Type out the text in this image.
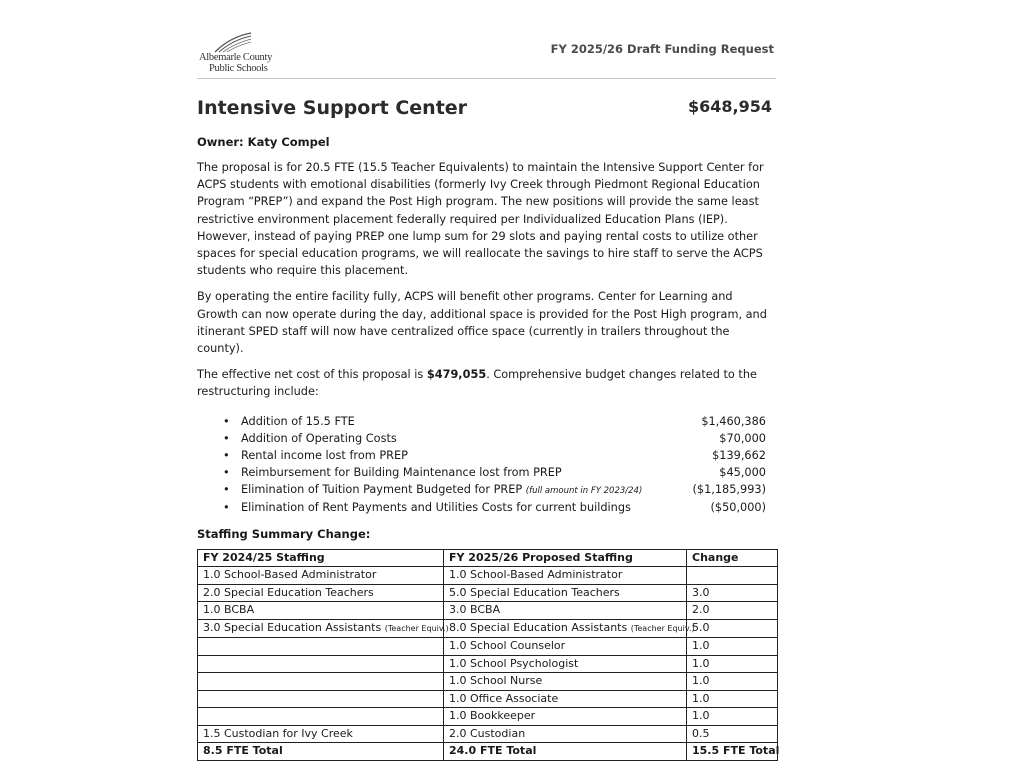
Albemarle County
Public Schools
FY 2025/26 Draft Funding Request
Intensive Support Center	$648,954
Owner: Katy Compel

The proposal is for 20.5 FTE (15.5 Teacher Equivalents) to maintain the Intensive Support Center for ACPS students with emotional disabilities (formerly Ivy Creek through Piedmont Regional Education Program “PREP”) and expand the Post High program. The new positions will provide the same least restrictive environment placement federally required per Individualized Education Plans (IEP). However, instead of paying PREP one lump sum for 29 slots and paying rental costs to utilize other spaces for special education programs, we will reallocate the savings to hire staff to serve the ACPS students who require this placement.

By operating the entire facility fully, ACPS will benefit other programs. Center for Learning and Growth can now operate during the day, additional space is provided for the Post High program, and itinerant SPED staff will now have centralized office space (currently in trailers throughout the county).

The effective net cost of this proposal is $479,055. Comprehensive budget changes related to the restructuring include:

• Addition of 15.5 FTE	$1,460,386
• Addition of Operating Costs	$70,000
• Rental income lost from PREP	$139,662
• Reimbursement for Building Maintenance lost from PREP	$45,000
• Elimination of Tuition Payment Budgeted for PREP (full amount in FY 2023/24)	($1,185,993)
• Elimination of Rent Payments and Utilities Costs for current buildings	($50,000)
Staffing Summary Change:
FY 2024/25 Staffing	FY 2025/26 Proposed Staffing	Change
1.0 School-Based Administrator	1.0 School-Based Administrator	
2.0 Special Education Teachers	5.0 Special Education Teachers	3.0
1.0 BCBA	3.0 BCBA	2.0
3.0 Special Education Assistants (Teacher Equiv.)	8.0 Special Education Assistants (Teacher Equiv.)	5.0
	1.0 School Counselor	1.0
	1.0 School Psychologist	1.0
	1.0 School Nurse	1.0
	1.0 Office Associate	1.0
	1.0 Bookkeeper	1.0
1.5 Custodian for Ivy Creek	2.0 Custodian	0.5
8.5 FTE Total	24.0 FTE Total	15.5 FTE Total
